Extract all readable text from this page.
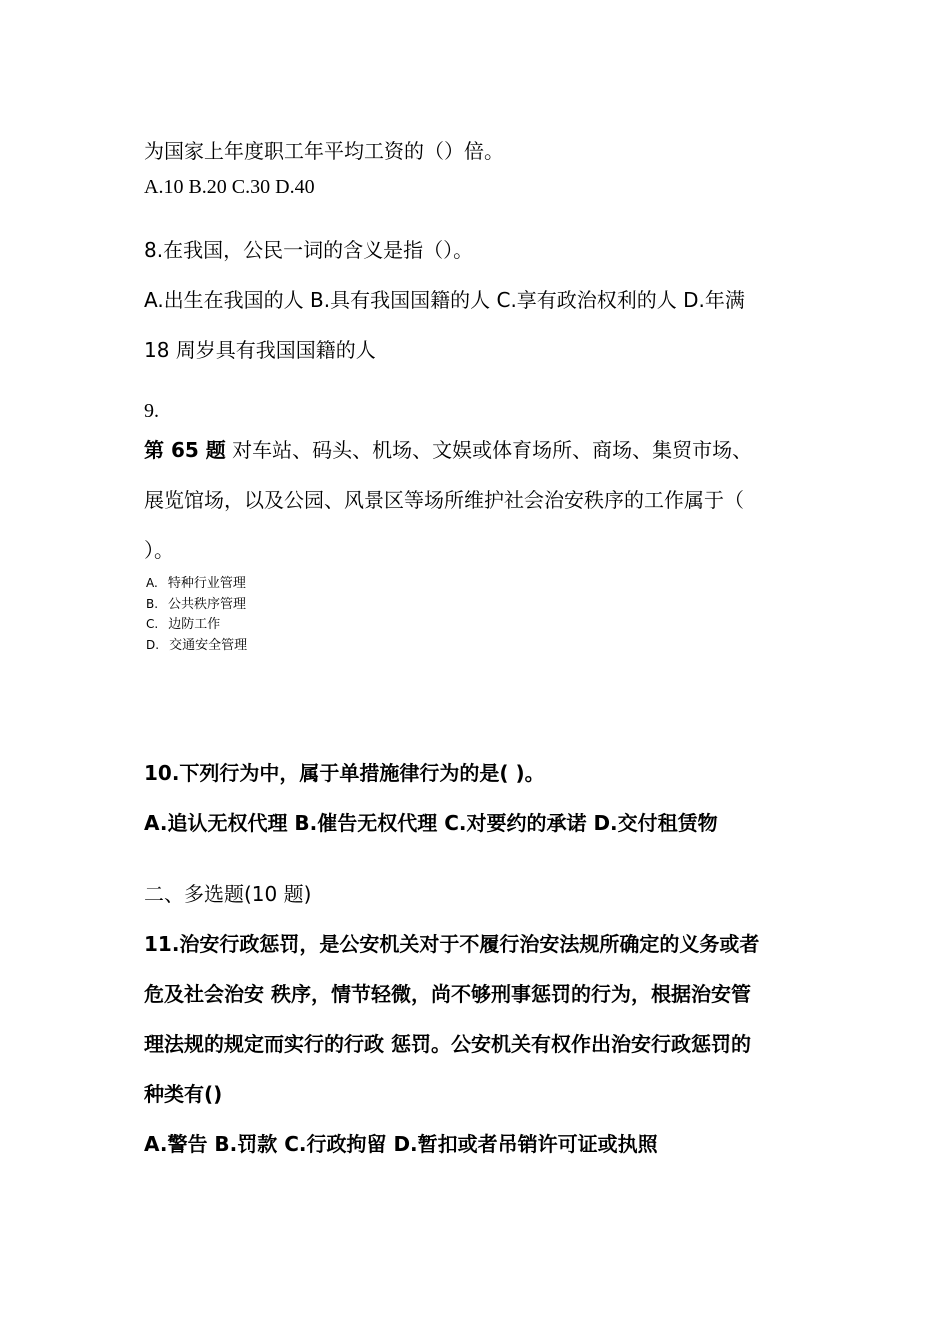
为国家上年度职工年平均工资的（）倍。
A.10 B.20 C.30 D.40
8.在我国，公民一词的含义是指（）。
A.出生在我国的人 B.具有我国国籍的人 C.享有政治权利的人 D.年满
18 周岁具有我国国籍的人
9.
第 65 题 对车站、码头、机场、文娱或体育场所、商场、集贸市场、
展览馆场，以及公园、风景区等场所维护社会治安秩序的工作属于（
）。
A. 特种行业管理
B. 公共秩序管理
C. 边防工作
D. 交通安全管理
10.下列行为中，属于单措施律行为的是( )。
A.追认无权代理 B.催告无权代理 C.对要约的承诺 D.交付租赁物
二、多选题(10 题)
11.治安行政惩罚，是公安机关对于不履行治安法规所确定的义务或者
危及社会治安 秩序，情节轻微，尚不够刑事惩罚的行为，根据治安管
理法规的规定而实行的行政 惩罚。公安机关有权作出治安行政惩罚的
种类有()
A.警告 B.罚款 C.行政拘留 D.暂扣或者吊销许可证或执照
